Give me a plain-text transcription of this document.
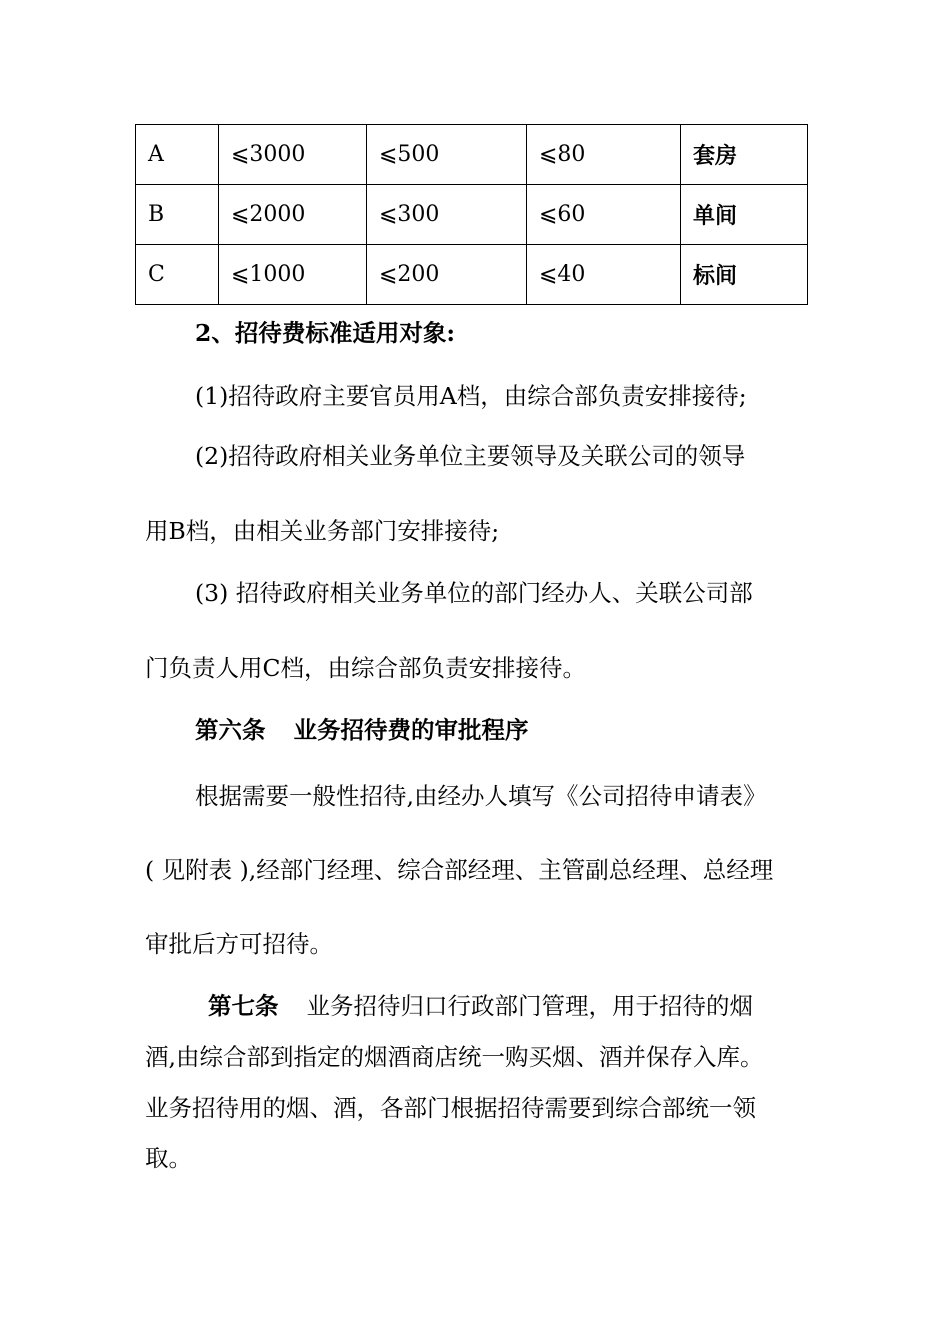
A	⩽3000	⩽500	⩽80	套房
B	⩽2000	⩽300	⩽60	单间
C	⩽1000	⩽200	⩽40	标间
2、招待费标准适用对象:
(1)招待政府主要官员用A档，由综合部负责安排接待;
(2)招待政府相关业务单位主要领导及关联公司的领导
用B档，由相关业务部门安排接待;
(3) 招待政府相关业务单位的部门经办人、关联公司部
门负责人用C档，由综合部负责安排接待。
第六条 业务招待费的审批程序
根据需要一般性招待,由经办人填写《公司招待申请表》
( 见附表 ),经部门经理、综合部经理、主管副总经理、总经理
审批后方可招待。
第七条 业务招待归口行政部门管理，用于招待的烟
酒,由综合部到指定的烟酒商店统一购买烟、酒并保存入库。
业务招待用的烟、酒，各部门根据招待需要到综合部统一领
取。
